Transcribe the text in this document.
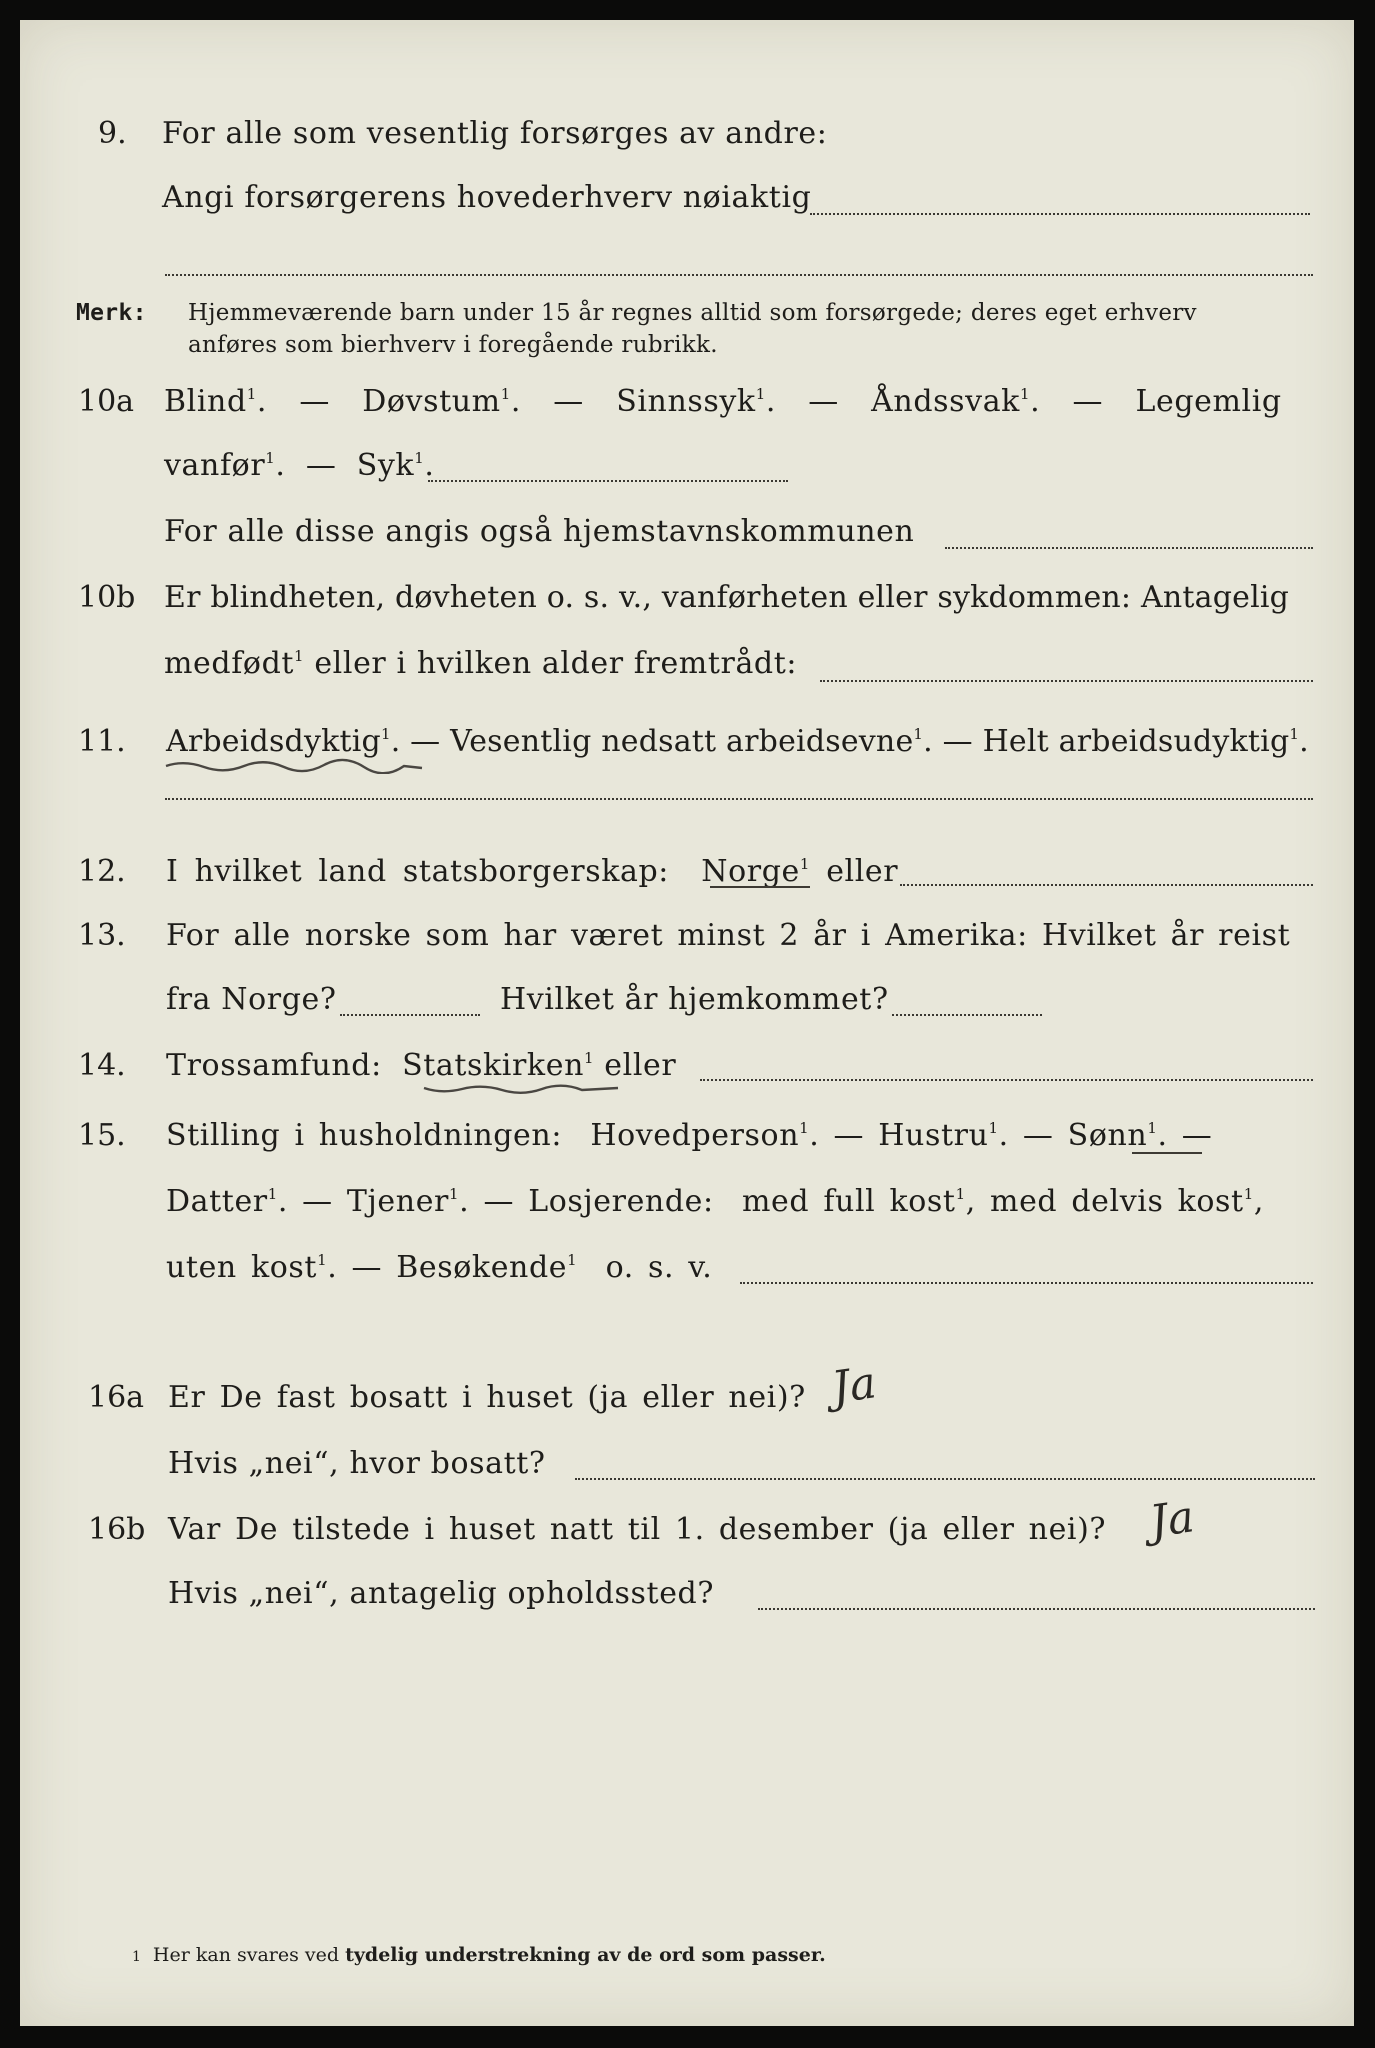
9. For alle som vesentlig forsørges av andre:
Angi forsørgerens hovederhverv nøiaktig
Merk: Hjemmeværende barn under 15 år regnes alltid som forsørgede; deres eget erhverv
anføres som bierhverv i foregående rubrikk.
10a Blind$^1$. — Døvstum$^1$. — Sinnssyk$^1$. — Åndssvak$^1$. — Legemlig
vanfør$^1$. — Syk$^1$.
For alle disse angis også hjemstavnskommunen
10b Er blindheten, døvheten o. s. v., vanførheten eller sykdommen: Antagelig
medfødt$^1$ eller i hvilken alder fremtrådt:
11. Arbeidsdyktig$^1$. — Vesentlig nedsatt arbeidsevne$^1$. — Helt arbeidsudyktig$^1$.
12. I hvilket land statsborgerskap: Norge$^1$ eller
13. For alle norske som har været minst 2 år i Amerika: Hvilket år reist
fra Norge?	Hvilket år hjemkommet?
14. Trossamfund: Statskirken$^1$ eller
15. Stilling i husholdningen: Hovedperson$^1$. — Hustru$^1$. — Sønn$^1$. —
Datter$^1$. — Tjener$^1$. — Losjerende: med full kost$^1$, med delvis kost$^1$,
uten kost$^1$. — Besøkende$^1$ o. s. v.
16a Er De fast bosatt i huset (ja eller nei)? Ja
Hvis „nei“, hvor bosatt?
16b Var De tilstede i huset natt til 1. desember (ja eller nei)? Ja
Hvis „nei“, antagelig opholdssted?
1 Her kan svares ved tydelig understrekning av de ord som passer.
